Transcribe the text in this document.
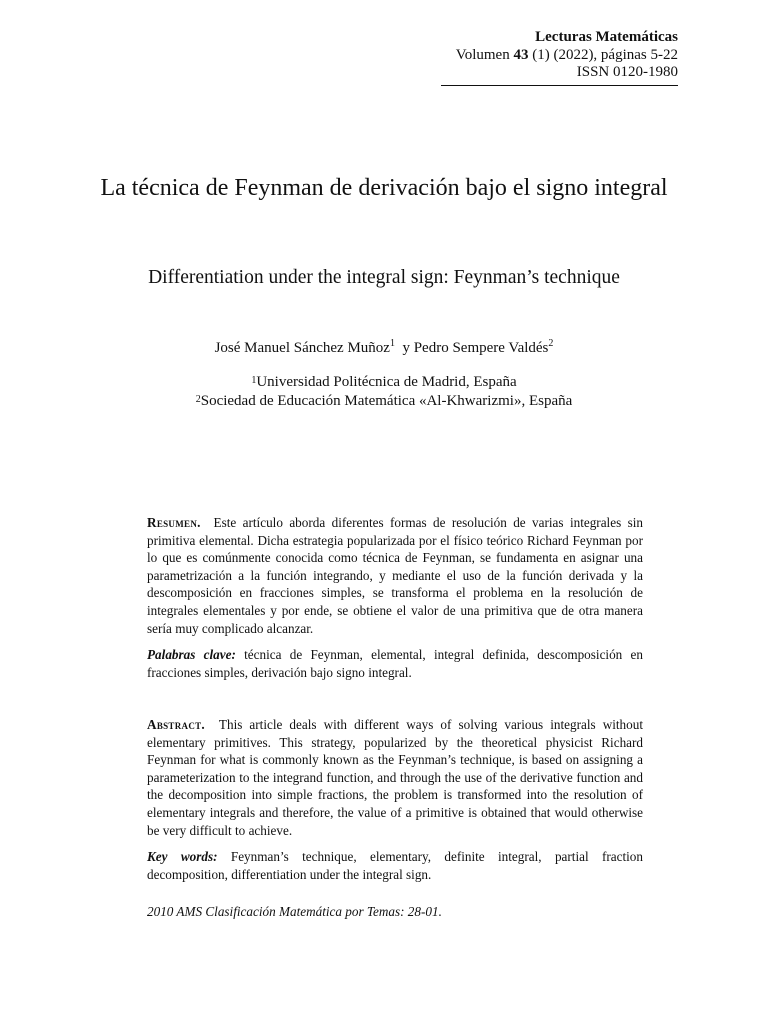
Lecturas Matemáticas
Volumen 43 (1) (2022), páginas 5-22
ISSN 0120-1980
La técnica de Feynman de derivación bajo el signo integral
Differentiation under the integral sign: Feynman’s technique
José Manuel Sánchez Muñoz$^1$ y Pedro Sempere Valdés$^2$
$^1$Universidad Politécnica de Madrid, España
$^2$Sociedad de Educación Matemática «Al-Khwarizmi», España

Resumen. Este artículo aborda diferentes formas de resolución de varias integrales sin primitiva elemental. Dicha estrategia popularizada por el físico teórico Richard Feynman por lo que es comúnmente conocida como técnica de Feynman, se fundamenta en asignar una parametrización a la función integrando, y mediante el uso de la función derivada y la descomposición en fracciones simples, se transforma el problema en la resolución de integrales elementales y por ende, se obtiene el valor de una primitiva que de otra manera sería muy complicado alcanzar.

Palabras clave: técnica de Feynman, elemental, integral definida, descomposición en fracciones simples, derivación bajo signo integral.

Abstract. This article deals with different ways of solving various integrals without elementary primitives. This strategy, popularized by the theoretical physicist Richard Feynman for what is commonly known as the Feynman’s technique, is based on assigning a parameterization to the integrand function, and through the use of the derivative function and the decomposition into simple fractions, the problem is transformed into the resolution of elementary integrals and therefore, the value of a primitive is obtained that would otherwise be very difficult to achieve.

Key words: Feynman’s technique, elementary, definite integral, partial fraction decomposition, differentiation under the integral sign.

2010 AMS Clasificación Matemática por Temas: 28-01.
